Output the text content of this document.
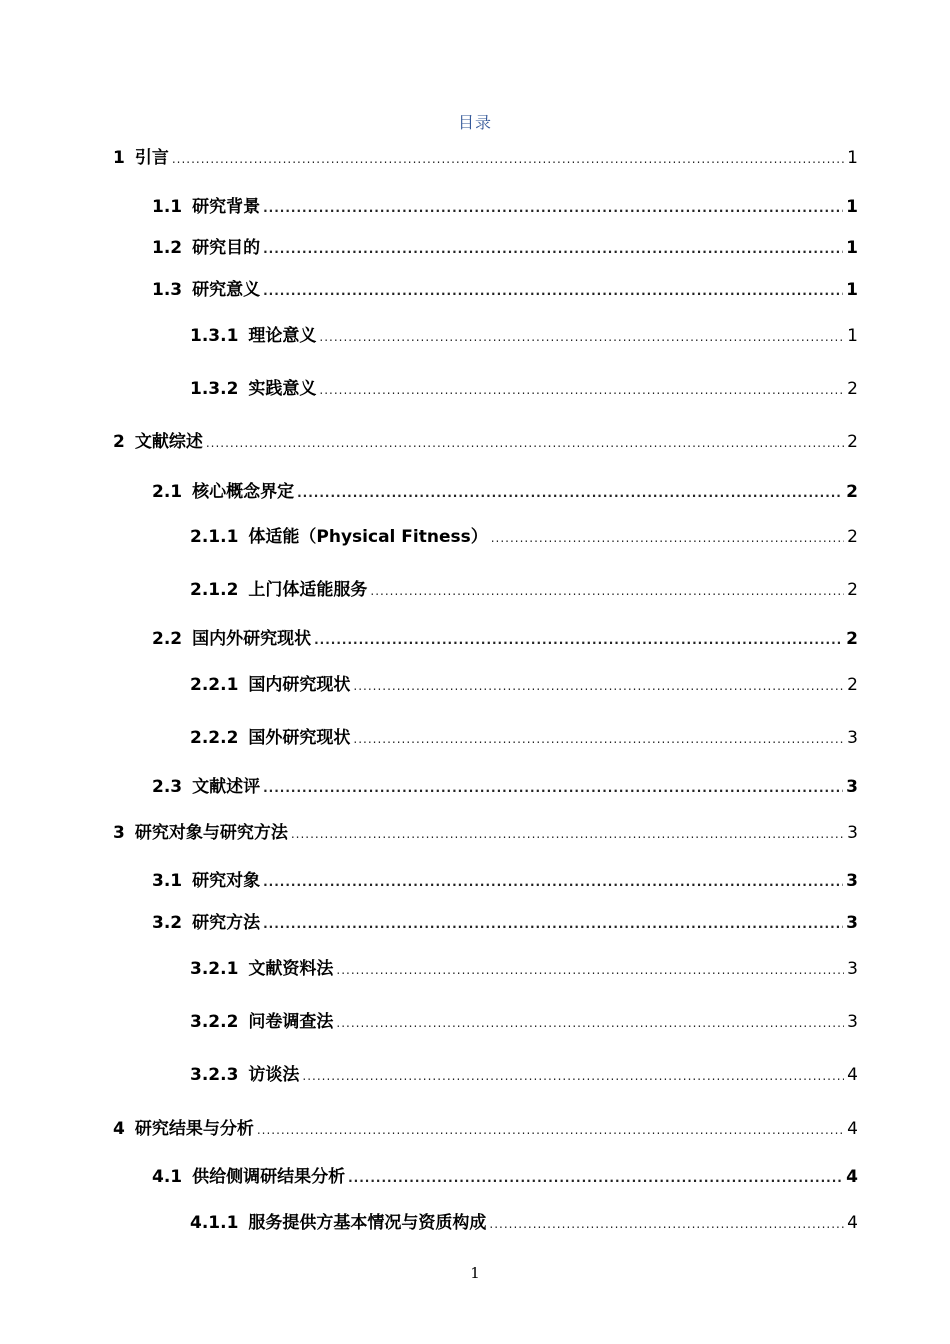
目录
1 引言 .....	1
1.1 研究背景 .....	1
1.2 研究目的 .....	1
1.3 研究意义 .....	1
1.3.1 理论意义 .....	1
1.3.2 实践意义 .....	2
2 文献综述 .....	2
2.1 核心概念界定 .....	2
2.1.1 体适能（Physical Fitness） .....	2
2.1.2 上门体适能服务 .....	2
2.2 国内外研究现状 .....	2
2.2.1 国内研究现状 .....	2
2.2.2 国外研究现状 .....	3
2.3 文献述评 .....	3
3 研究对象与研究方法 .....	3
3.1 研究对象 .....	3
3.2 研究方法 .....	3
3.2.1 文献资料法 .....	3
3.2.2 问卷调查法 .....	3
3.2.3 访谈法 .....	4
4 研究结果与分析 .....	4
4.1 供给侧调研结果分析 .....	4
4.1.1 服务提供方基本情况与资质构成 .....	4
1
